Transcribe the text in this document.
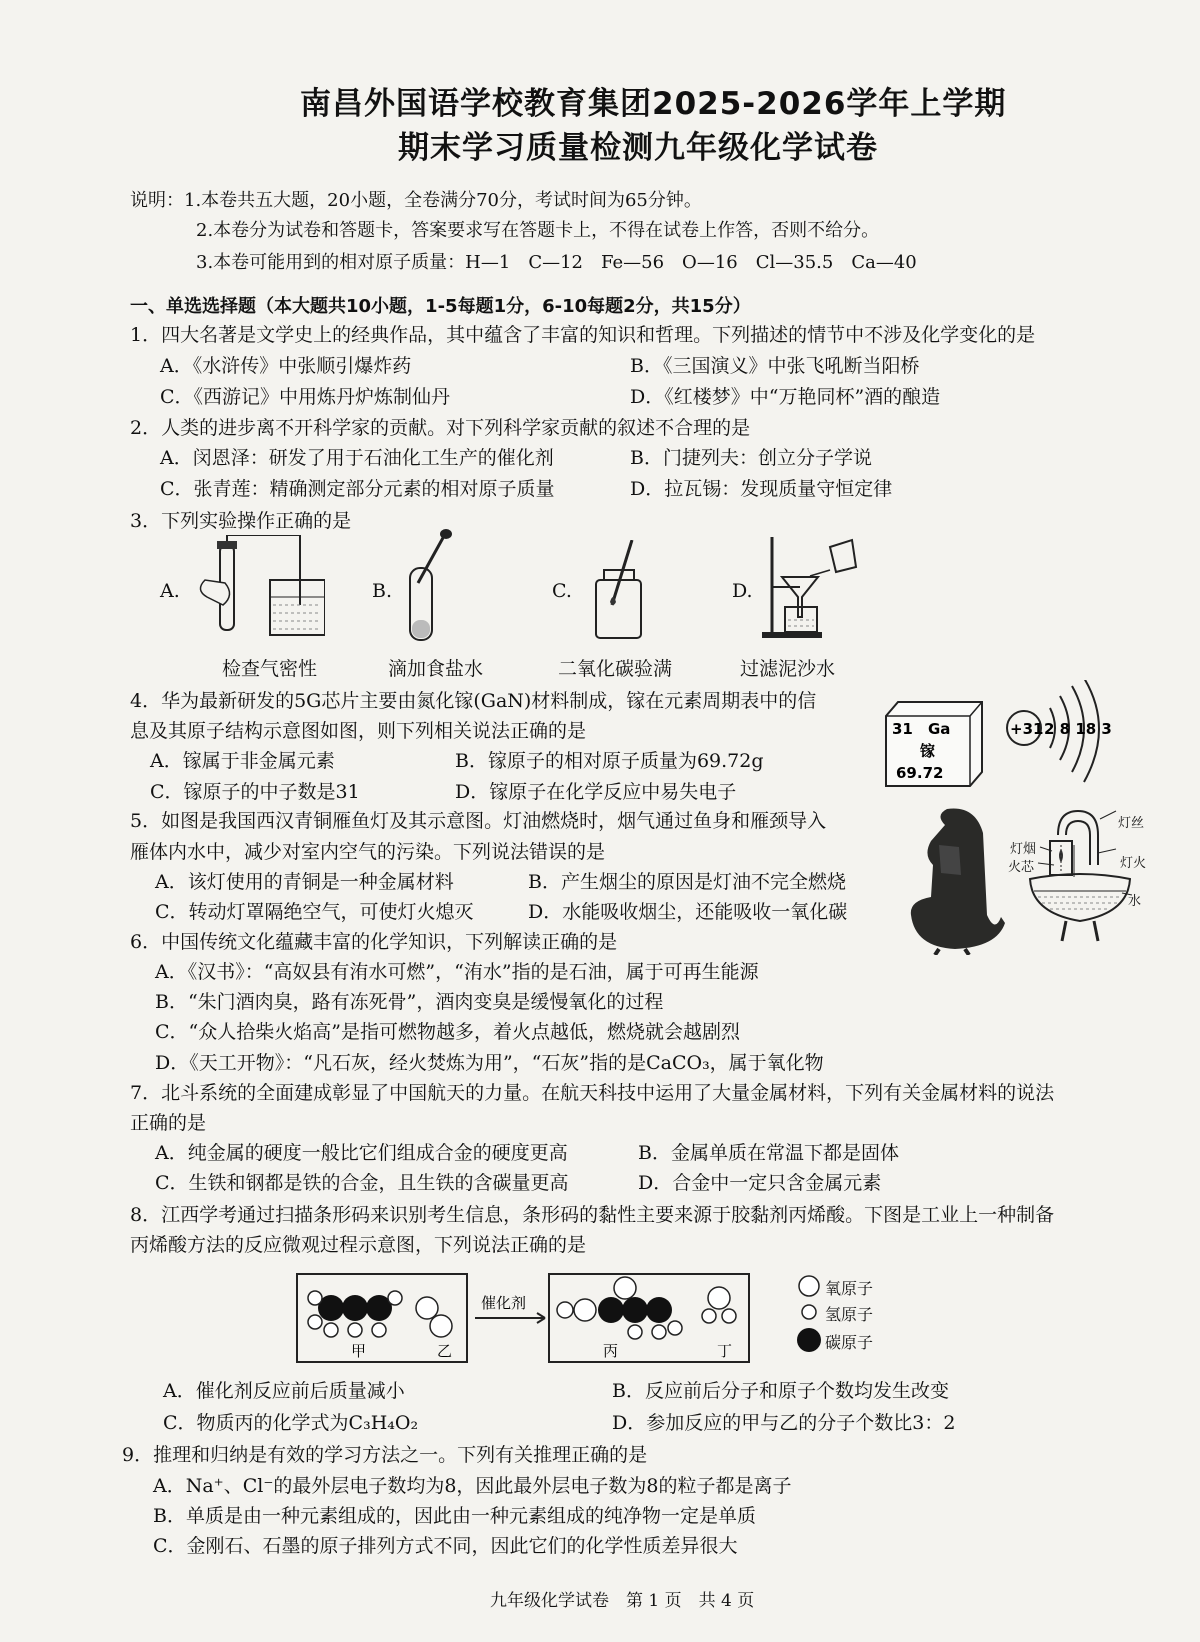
南昌外国语学校教育集团2025-2026学年上学期
期末学习质量检测九年级化学试卷
说明：1.本卷共五大题，20小题，全卷满分70分，考试时间为65分钟。
2.本卷分为试卷和答题卡，答案要求写在答题卡上，不得在试卷上作答，否则不给分。
3.本卷可能用到的相对原子质量：H—1　C—12　Fe—56　O—16　Cl—35.5　Ca—40
一、单选选择题（本大题共10小题，1-5每题1分，6-10每题2分，共15分）
1．四大名著是文学史上的经典作品，其中蕴含了丰富的知识和哲理。下列描述的情节中不涉及化学变化的是
A．《水浒传》中张顺引爆炸药	B．《三国演义》中张飞吼断当阳桥
C．《西游记》中用炼丹炉炼制仙丹	D．《红楼梦》中“万艳同杯”酒的酿造
2．人类的进步离不开科学家的贡献。对下列科学家贡献的叙述不合理的是
A．闵恩泽：研发了用于石油化工生产的催化剂	B．门捷列夫：创立分子学说
C．张青莲：精确测定部分元素的相对原子质量	D．拉瓦锡：发现质量守恒定律
3．下列实验操作正确的是
A.
检查气密性
B.
滴加食盐水
C.
二氧化碳验满
D.
过滤泥沙水
4．华为最新研发的5G芯片主要由氮化镓(GaN)材料制成，镓在元素周期表中的信
息及其原子结构示意图如图，则下列相关说法正确的是
A．镓属于非金属元素	B．镓原子的相对原子质量为69.72g
C．镓原子的中子数是31	D．镓原子在化学反应中易失电子
31 Ga
镓
69.72
+31 2 8 18 3
5．如图是我国西汉青铜雁鱼灯及其示意图。灯油燃烧时，烟气通过鱼身和雁颈导入
雁体内水中，减少对室内空气的污染。下列说法错误的是
A．该灯使用的青铜是一种金属材料	B．产生烟尘的原因是灯油不完全燃烧
C．转动灯罩隔绝空气，可使灯火熄灭	D．水能吸收烟尘，还能吸收一氧化碳
灯丝
灯烟
灯火
火芯
水
6．中国传统文化蕴藏丰富的化学知识，下列解读正确的是
A．《汉书》：“高奴县有洧水可燃”，“洧水”指的是石油，属于可再生能源
B．“朱门酒肉臭，路有冻死骨”，酒肉变臭是缓慢氧化的过程
C．“众人拾柴火焰高”是指可燃物越多，着火点越低，燃烧就会越剧烈
D．《天工开物》：“凡石灰，经火焚炼为用”，“石灰”指的是CaCO₃，属于氧化物
7．北斗系统的全面建成彰显了中国航天的力量。在航天科技中运用了大量金属材料，下列有关金属材料的说法
正确的是
A．纯金属的硬度一般比它们组成合金的硬度更高	B．金属单质在常温下都是固体
C．生铁和钢都是铁的合金，且生铁的含碳量更高	D．合金中一定只含金属元素
8．江西学考通过扫描条形码来识别考生信息，条形码的黏性主要来源于胶黏剂丙烯酸。下图是工业上一种制备
丙烯酸方法的反应微观过程示意图，下列说法正确的是
甲	乙
催化剂
丙	丁
氧原子
氢原子
碳原子
A．催化剂反应前后质量减小	B．反应前后分子和原子个数均发生改变
C．物质丙的化学式为C₃H₄O₂	D．参加反应的甲与乙的分子个数比3：2
9．推理和归纳是有效的学习方法之一。下列有关推理正确的是
A．Na⁺、Cl⁻的最外层电子数均为8，因此最外层电子数为8的粒子都是离子
B．单质是由一种元素组成的，因此由一种元素组成的纯净物一定是单质
C．金刚石、石墨的原子排列方式不同，因此它们的化学性质差异很大
九年级化学试卷　第 1 页　共 4 页
